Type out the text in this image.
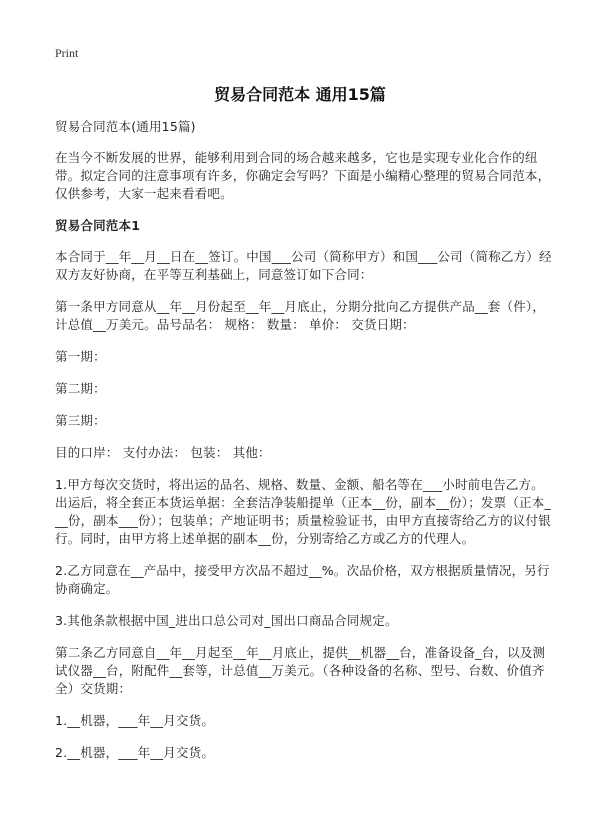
Print
贸易合同范本 通用15篇

贸易合同范本(通用15篇)

在当今不断发展的世界，能够利用到合同的场合越来越多，它也是实现专业化合作的纽带。拟定合同的注意事项有许多，你确定会写吗？下面是小编精心整理的贸易合同范本，仅供参考，大家一起来看看吧。

贸易合同范本1

本合同于__年__月__日在__签订。中国___公司（简称甲方）和国___公司（简称乙方）经双方友好协商，在平等互利基础上，同意签订如下合同：

第一条甲方同意从__年__月份起至__年__月底止，分期分批向乙方提供产品__套（件），计总值__万美元。品号品名： 规格： 数量： 单价： 交货日期：

第一期：

第二期：

第三期：

目的口岸： 支付办法： 包装： 其他：

1.甲方每次交货时，将出运的品名、规格、数量、金额、船名等在___小时前电告乙方。出运后，将全套正本货运单据：全套洁净装船提单（正本__份，副本__份）；发票（正本___份，副本___份）；包装单；产地证明书；质量检验证书，由甲方直接寄给乙方的议付银行。同时，由甲方将上述单据的副本__份，分别寄给乙方或乙方的代理人。

2.乙方同意在__产品中，接受甲方次品不超过__%。次品价格，双方根据质量情况，另行协商确定。

3.其他条款根据中国_进出口总公司对_国出口商品合同规定。

第二条乙方同意自__年__月起至__年__月底止，提供__机器__台，准备设备_台，以及测试仪器__台，附配件__套等，计总值__万美元。（各种设备的名称、型号、台数、价值齐全）交货期：

1.__机器，___年__月交货。

2.__机器，___年__月交货。
